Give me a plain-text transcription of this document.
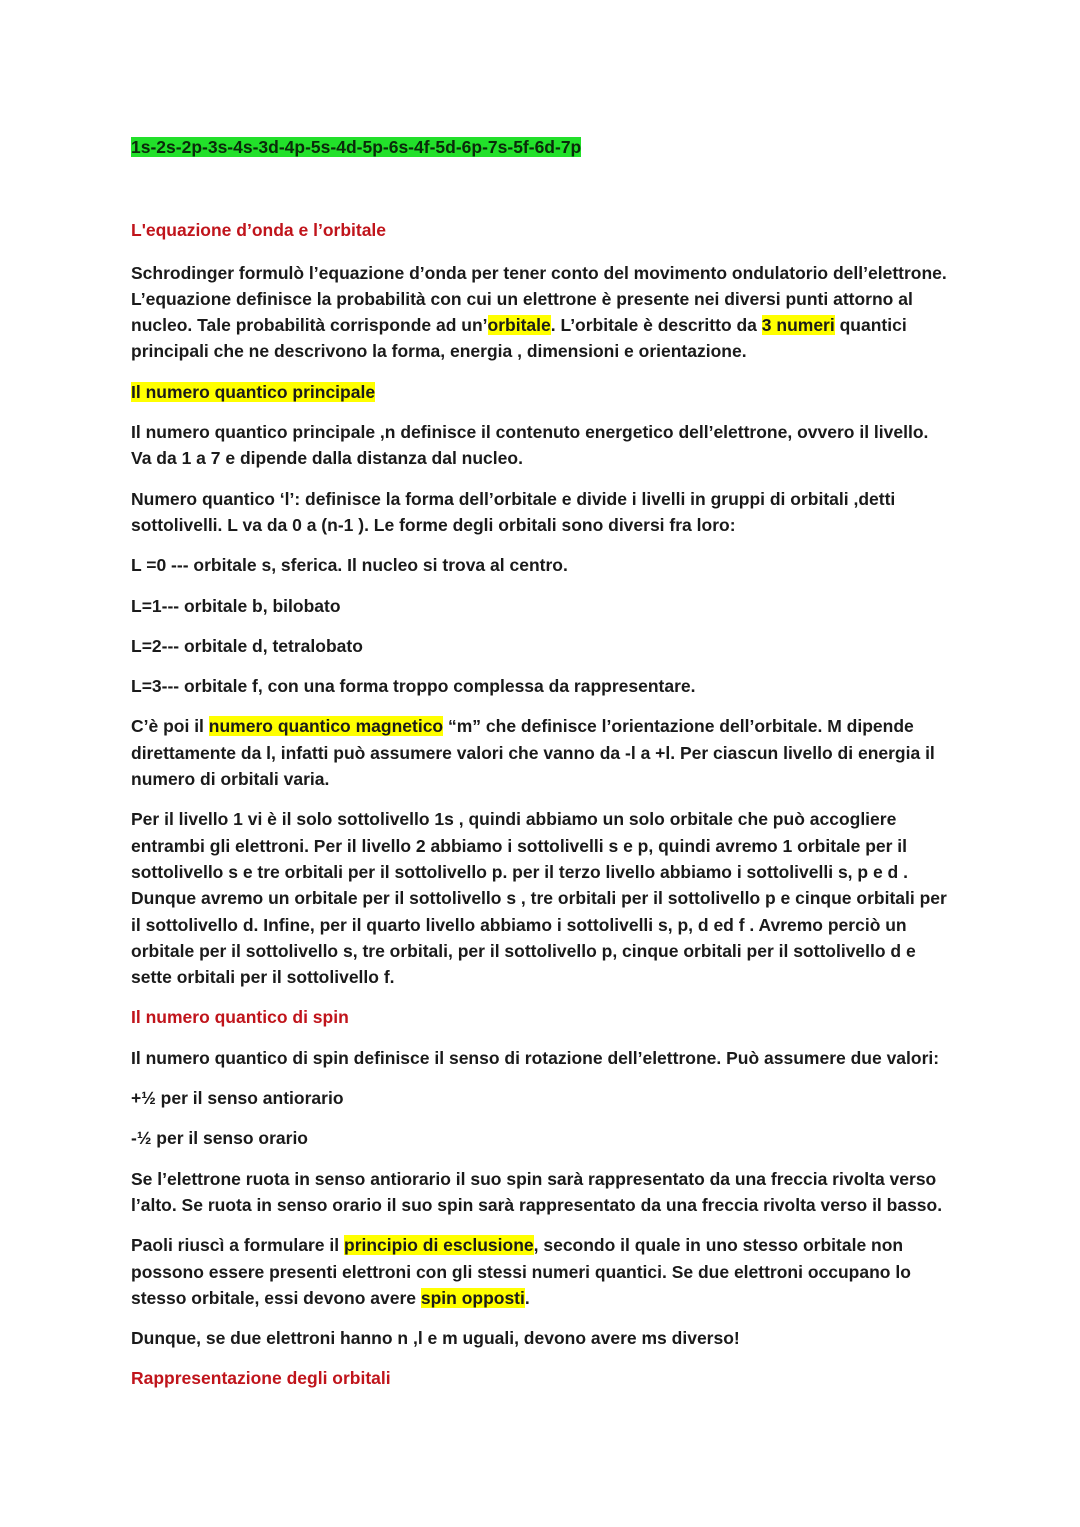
1s-2s-2p-3s-4s-3d-4p-5s-4d-5p-6s-4f-5d-6p-7s-5f-6d-7p

L'equazione d’onda e l’orbitale

Schrodinger formulò l’equazione d’onda per tener conto del movimento ondulatorio dell’elettrone. L’equazione definisce la probabilità con cui un elettrone è presente nei diversi punti attorno al nucleo. Tale probabilità corrisponde ad un’orbitale. L’orbitale è descritto da 3 numeri quantici principali che ne descrivono la forma, energia , dimensioni e orientazione.

Il numero quantico principale

Il numero quantico principale ,n definisce il contenuto energetico dell’elettrone, ovvero il livello. Va da 1 a 7 e dipende dalla distanza dal nucleo.

Numero quantico ‘l’: definisce la forma dell’orbitale e divide i livelli in gruppi di orbitali ,detti sottolivelli. L va da 0 a (n-1 ). Le forme degli orbitali sono diversi fra loro:

L =0 --- orbitale s, sferica. Il nucleo si trova al centro.

L=1--- orbitale b, bilobato

L=2--- orbitale d, tetralobato

L=3--- orbitale f, con una forma troppo complessa da rappresentare.

C’è poi il numero quantico magnetico “m” che definisce l’orientazione dell’orbitale. M dipende direttamente da l, infatti può assumere valori che vanno da -l a +l. Per ciascun livello di energia il numero di orbitali varia.

Per il livello 1 vi è il solo sottolivello 1s , quindi abbiamo un solo orbitale che può accogliere entrambi gli elettroni. Per il livello 2 abbiamo i sottolivelli s e p, quindi avremo 1 orbitale per il sottolivello s e tre orbitali per il sottolivello p. per il terzo livello abbiamo i sottolivelli s, p e d . Dunque avremo un orbitale per il sottolivello s , tre orbitali per il sottolivello p e cinque orbitali per il sottolivello d. Infine, per il quarto livello abbiamo i sottolivelli s, p, d ed f . Avremo perciò un orbitale per il sottolivello s, tre orbitali, per il sottolivello p, cinque orbitali per il sottolivello d e sette orbitali per il sottolivello f.

Il numero quantico di spin

Il numero quantico di spin definisce il senso di rotazione dell’elettrone. Può assumere due valori:

+½ per il senso antiorario

-½ per il senso orario

Se l’elettrone ruota in senso antiorario il suo spin sarà rappresentato da una freccia rivolta verso l’alto. Se ruota in senso orario il suo spin sarà rappresentato da una freccia rivolta verso il basso.

Paoli riuscì a formulare il principio di esclusione, secondo il quale in uno stesso orbitale non possono essere presenti elettroni con gli stessi numeri quantici. Se due elettroni occupano lo stesso orbitale, essi devono avere spin opposti.

Dunque, se due elettroni hanno n ,l e m uguali, devono avere ms diverso!

Rappresentazione degli orbitali
